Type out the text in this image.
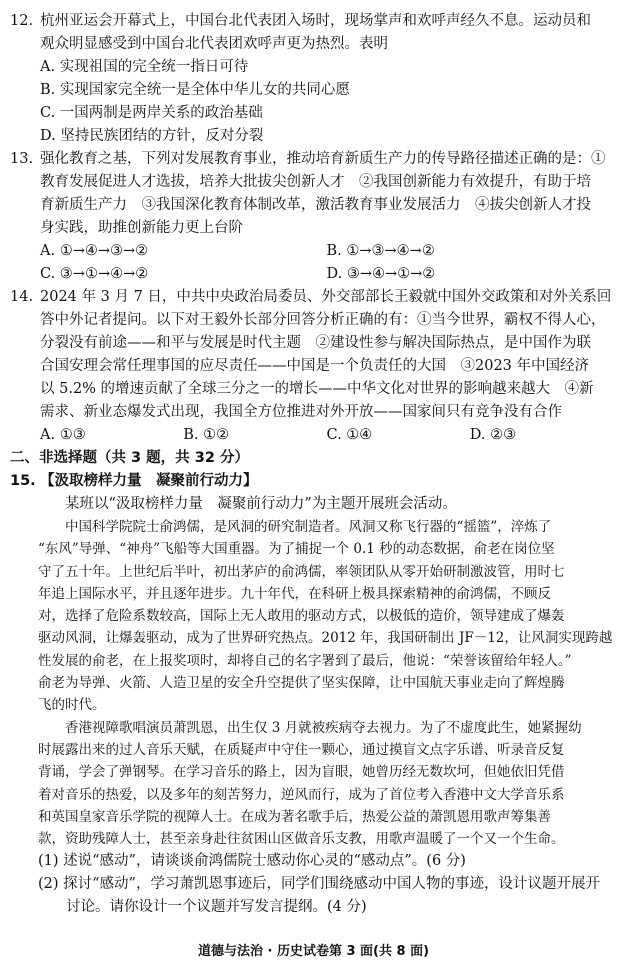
12. 杭州亚运会开幕式上，中国台北代表团入场时，现场掌声和欢呼声经久不息。运动员和
观众明显感受到中国台北代表团欢呼声更为热烈。表明
A. 实现祖国的完全统一指日可待
B. 实现国家完全统一是全体中华儿女的共同心愿
C. 一国两制是两岸关系的政治基础
D. 坚持民族团结的方针，反对分裂
13. 强化教育之基，下列对发展教育事业，推动培育新质生产力的传导路径描述正确的是：①
教育发展促进人才选拔，培养大批拔尖创新人才　②我国创新能力有效提升，有助于培
育新质生产力　③我国深化教育体制改革，激活教育事业发展活力　④拔尖创新人才投
身实践，助推创新能力更上台阶
A. ①→④→③→②	B. ①→③→④→②
C. ③→①→④→②	D. ③→④→①→②
14. 2024 年 3 月 7 日，中共中央政治局委员、外交部部长王毅就中国外交政策和对外关系回
答中外记者提问。以下对王毅外长部分回答分析正确的有：①当今世界，霸权不得人心，
分裂没有前途——和平与发展是时代主题　②建设性参与解决国际热点，是中国作为联
合国安理会常任理事国的应尽责任——中国是一个负责任的大国　③2023 年中国经济
以 5.2% 的增速贡献了全球三分之一的增长——中华文化对世界的影响越来越大　④新
需求、新业态爆发式出现，我国全方位推进对外开放——国家间只有竞争没有合作
A. ①③	B. ①②	C. ①④	D. ②③
二、非选择题（共 3 题，共 32 分）
15. 【汲取榜样力量　凝聚前行动力】
某班以“汲取榜样力量　凝聚前行动力”为主题开展班会活动。
中国科学院院士俞鸿儒，是风洞的研究制造者。风洞又称飞行器的“摇篮”，淬炼了
“东风”导弹、“神舟”飞船等大国重器。为了捕捉一个 0.1 秒的动态数据，俞老在岗位坚
守了五十年。上世纪后半叶，初出茅庐的俞鸿儒，率领团队从零开始研制激波管，用时七
年追上国际水平，并且逐年进步。九十年代，在科研上极具探索精神的俞鸿儒，不顾反
对，选择了危险系数较高，国际上无人敢用的驱动方式，以极低的造价，领导建成了爆轰
驱动风洞，让爆轰驱动，成为了世界研究热点。2012 年，我国研制出 JF－12，让风洞实现跨越
性发展的俞老，在上报奖项时，却将自己的名字署到了最后，他说：“荣誉该留给年轻人。”
俞老为导弹、火箭、人造卫星的安全升空提供了坚实保障，让中国航天事业走向了辉煌腾
飞的时代。
香港视障歌唱演员萧凯恩，出生仅 3 月就被疾病夺去视力。为了不虚度此生，她紧握幼
时展露出来的过人音乐天赋，在质疑声中守住一颗心，通过摸盲文点字乐谱、听录音反复
背诵，学会了弹钢琴。在学习音乐的路上，因为盲眼，她曾历经无数坎坷，但她依旧凭借
着对音乐的热爱，以及多年的刻苦努力，逆风而行，成为了首位考入香港中文大学音乐系
和英国皇家音乐学院的视障人士。在成为著名歌手后，热爱公益的萧凯恩用歌声筹集善
款，资助残障人士，甚至亲身赴往贫困山区做音乐支教，用歌声温暖了一个又一个生命。
(1) 述说“感动”，请谈谈俞鸿儒院士感动你心灵的“感动点”。(6 分)
(2) 探讨“感动”，学习萧凯恩事迹后，同学们围绕感动中国人物的事迹，设计议题开展开
讨论。请你设计一个议题并写发言提纲。(4 分)
道德与法治 · 历史试卷第 3 面(共 8 面)
